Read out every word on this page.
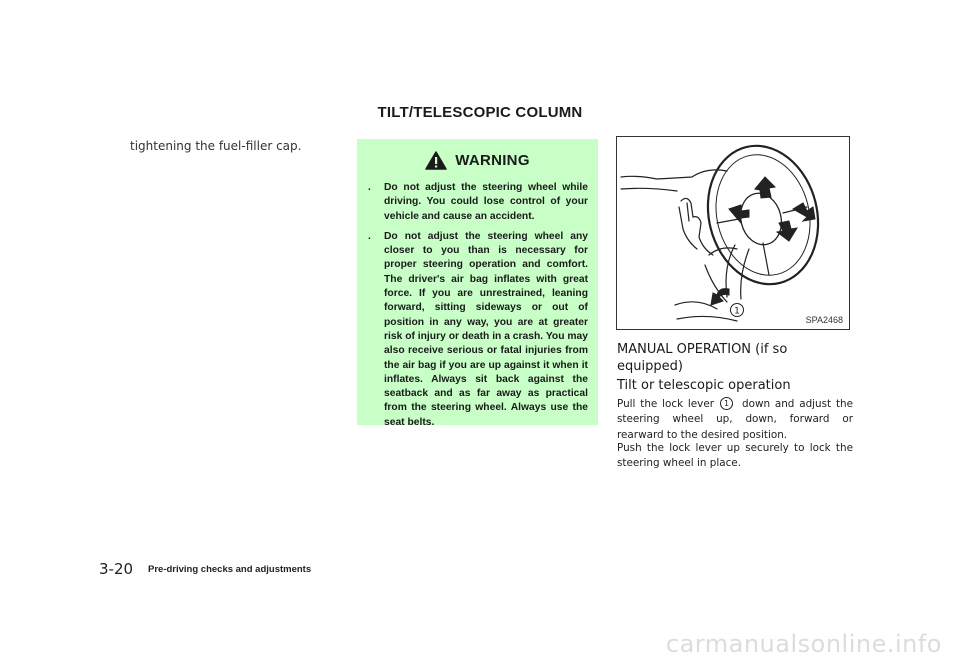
TILT/TELESCOPIC COLUMN
tightening the fuel-filler cap.
WARNING
. Do not adjust the steering wheel while driving. You could lose control of your vehicle and cause an accident.
. Do not adjust the steering wheel any closer to you than is necessary for proper steering operation and comfort. The driver's air bag inflates with great force. If you are unrestrained, leaning forward, sitting sideways or out of position in any way, you are at greater risk of injury or death in a crash. You may also receive serious or fatal injuries from the air bag if you are up against it when it inflates. Always sit back against the seatback and as far away as practical from the steering wheel. Always use the seat belts.
1
SPA2468
MANUAL OPERATION (if so equipped)
Tilt or telescopic operation
Pull the lock lever 1 down and adjust the steering wheel up, down, forward or rearward to the desired position.
Push the lock lever up securely to lock the steering wheel in place.
3-20 Pre-driving checks and adjustments
carmanualsonline.info
